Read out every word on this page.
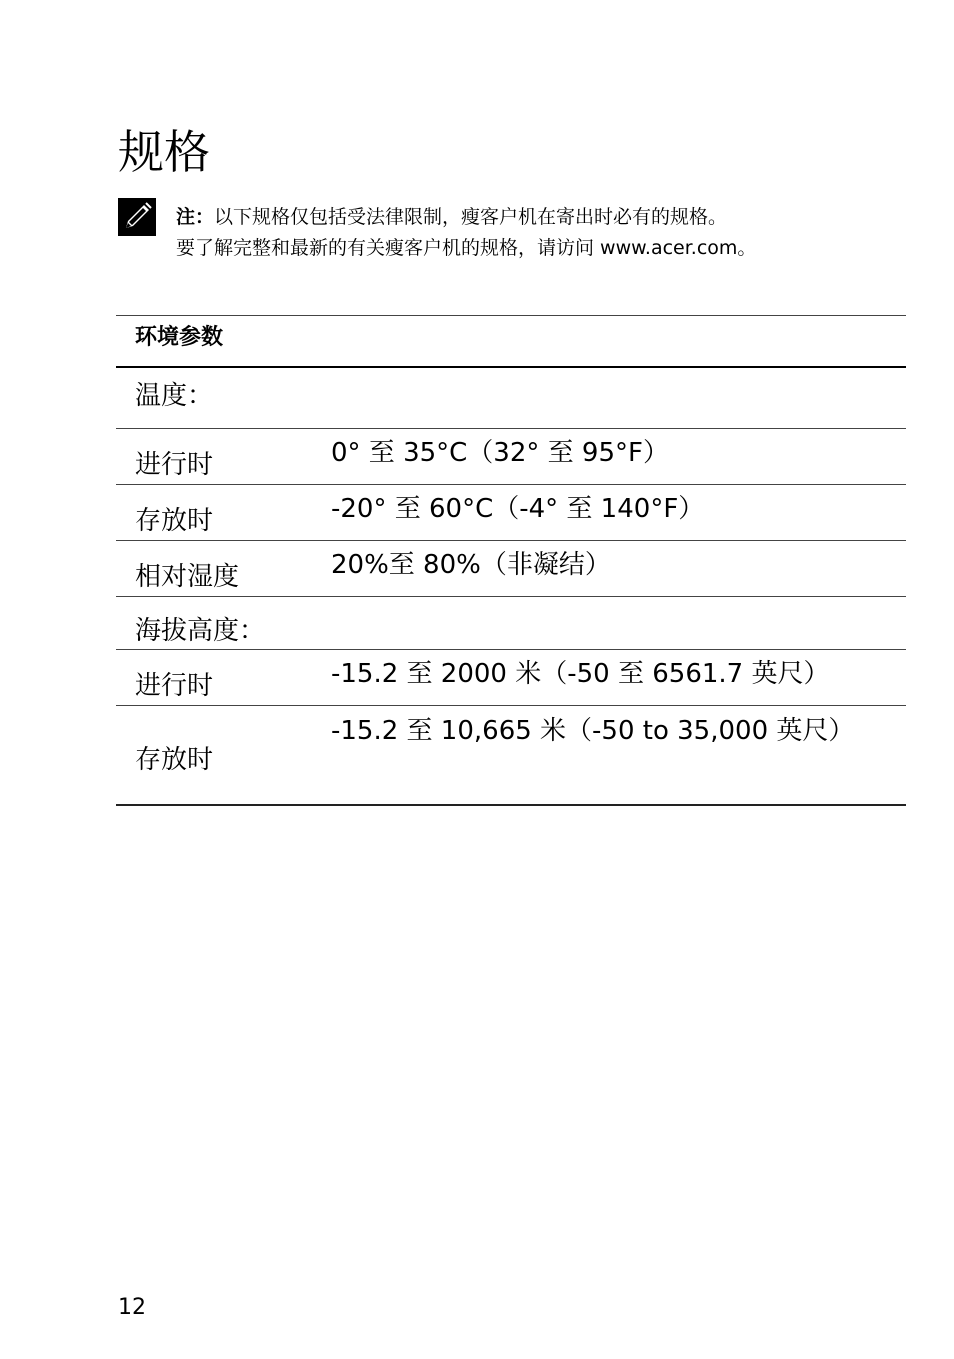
规格
注：以下规格仅包括受法律限制，瘦客户机在寄出时必有的规格。
要了解完整和最新的有关瘦客户机的规格，请访问 www.acer.com。
环境参数	

温度：	

进行时	0° 至 35°C（32° 至 95°F）

存放时	-20° 至 60°C（-4° 至 140°F）

相对湿度	20%至 80%（非凝结）

海拔高度：	

进行时	-15.2 至 2000 米（-50 至 6561.7 英尺）

存放时	-15.2 至 10,665 米（-50 to 35,000 英尺）
12
